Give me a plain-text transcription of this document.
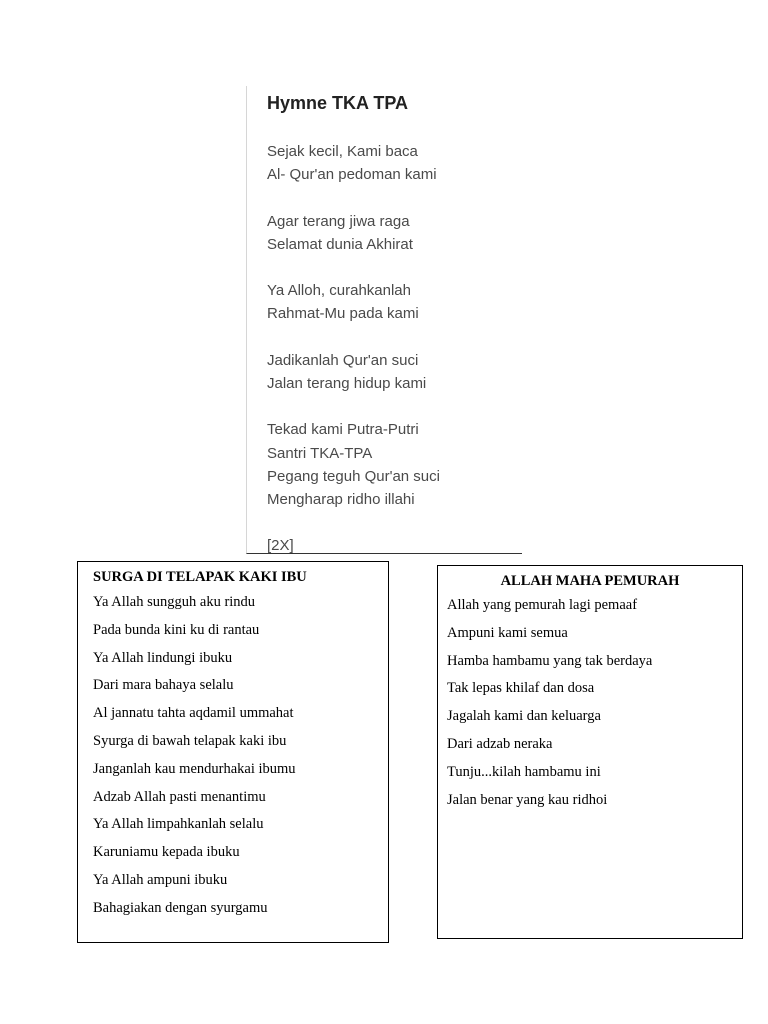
Hymne TKA TPA

Sejak kecil, Kami baca
Al- Qur'an pedoman kami

Agar terang jiwa raga
Selamat dunia Akhirat

Ya Alloh, curahkanlah
Rahmat-Mu pada kami

Jadikanlah Qur'an suci
Jalan terang hidup kami

Tekad kami Putra-Putri
Santri TKA-TPA
Pegang teguh Qur'an suci
Mengharap ridho illahi

[2X]

SURGA DI TELAPAK KAKI IBU
Ya Allah sungguh aku rindu
Pada bunda kini ku di rantau
Ya Allah lindungi ibuku
Dari mara bahaya selalu
Al jannatu tahta aqdamil ummahat
Syurga di bawah telapak kaki ibu
Janganlah kau mendurhakai ibumu
Adzab Allah pasti menantimu
Ya Allah limpahkanlah selalu
Karuniamu kepada ibuku
Ya Allah ampuni ibuku
Bahagiakan dengan syurgamu
ALLAH MAHA PEMURAH
Allah yang pemurah lagi pemaaf
Ampuni kami semua
Hamba hambamu yang tak berdaya
Tak lepas khilaf dan dosa
Jagalah kami dan keluarga
Dari adzab neraka
Tunju...kilah hambamu ini
Jalan benar yang kau ridhoi
